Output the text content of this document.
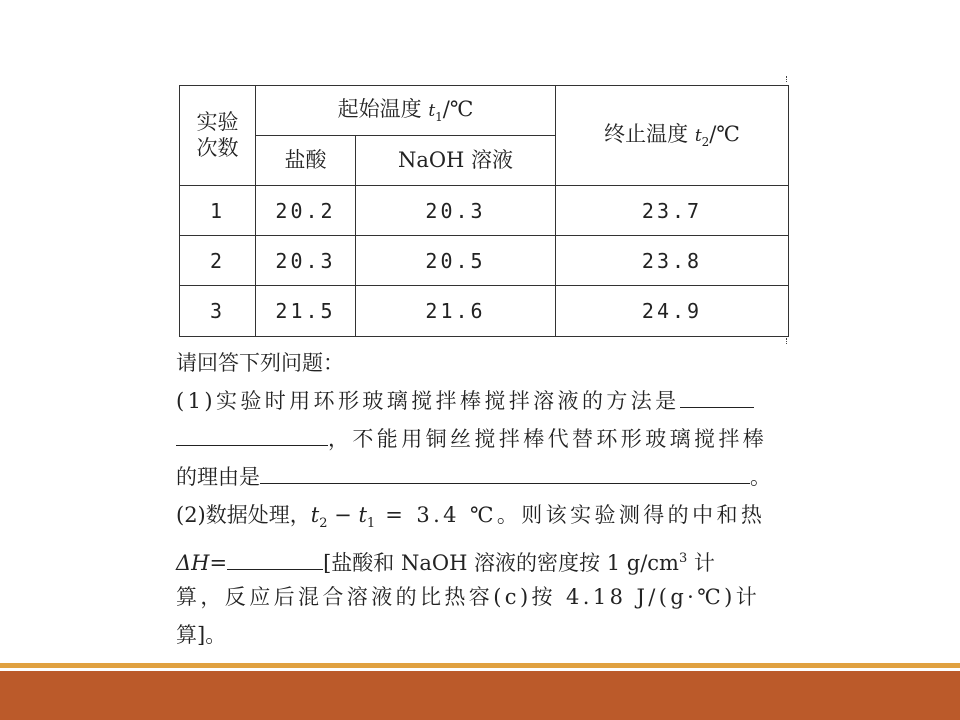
实验
次数	起始温度 $t_1/℃$		终止温度 $t_2/℃$
	盐酸	NaOH 溶液	
1	20.2	20.3	23.7
2	20.3	20.5	23.8
3	21.5	21.6	24.9
请回答下列问题：
(1)实验时用环形玻璃搅拌棒搅拌溶液的方法是
，不能用铜丝搅拌棒代替环形玻璃搅拌棒
的理由是	。
(2)数据处理，$t_2 - t_1 = 3.4$ ℃。则该实验测得的中和热
ΔH=	[盐酸和 NaOH 溶液的密度按 1 $g/cm^3$ 计
算，反应后混合溶液的比热容(c)按 4.18 J/(g·℃)计
算]。
